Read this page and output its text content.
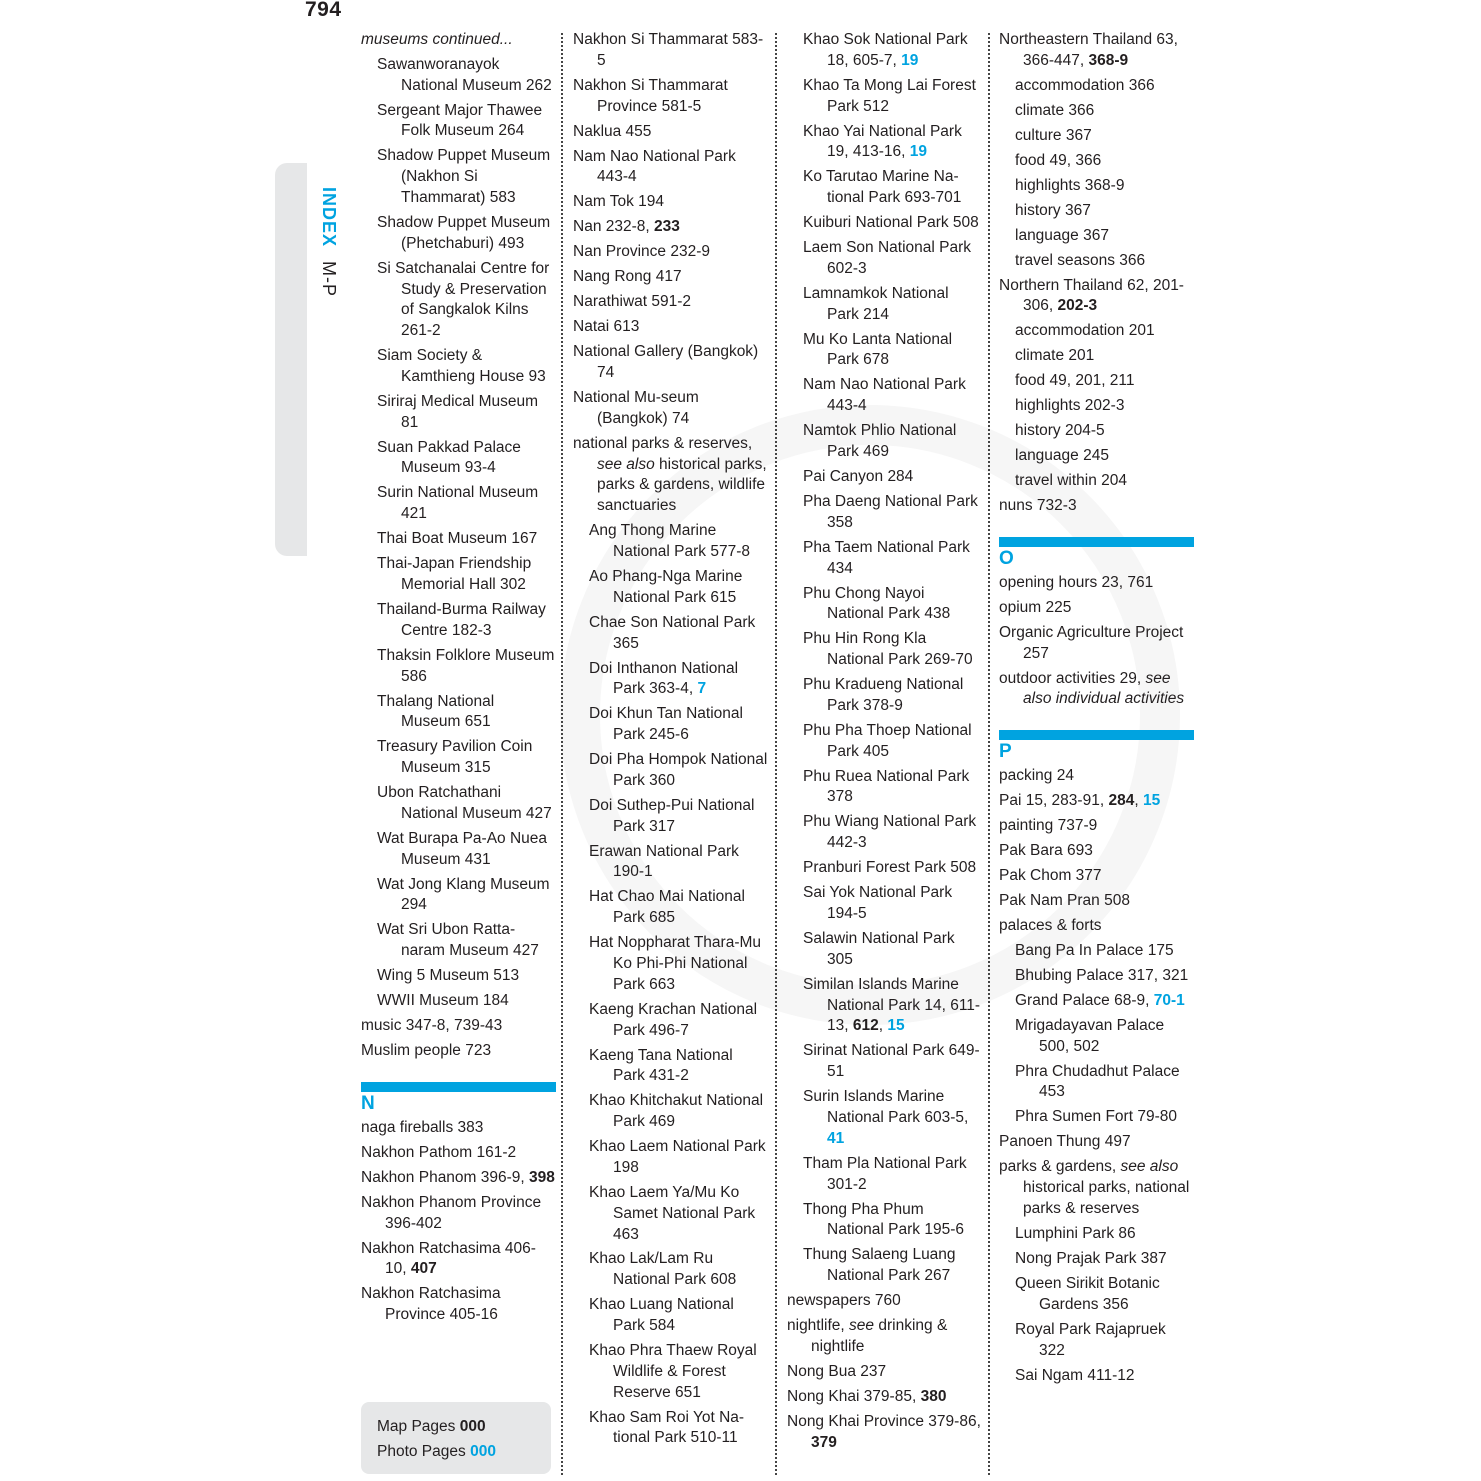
794
INDEX M-P
museums continued...
Sawanworanayok National Museum 262
Sergeant Major Thawee Folk Museum 264
Shadow Puppet Museum (Nakhon Si Thammarat) 583
Shadow Puppet Museum (Phetchaburi) 493
Si Satchanalai Centre for Study & Preservation of Sangkalok Kilns 261-2
Siam Society & Kamthieng House 93
Siriraj Medical Museum 81
Suan Pakkad Palace Museum 93-4
Surin National Museum 421
Thai Boat Museum 167
Thai-Japan Friendship Memorial Hall 302
Thailand-Burma Railway Centre 182-3
Thaksin Folklore Museum 586
Thalang National Museum 651
Treasury Pavilion Coin Museum 315
Ubon Ratchathani National Museum 427
Wat Burapa Pa-Ao Nuea Museum 431
Wat Jong Klang Museum 294
Wat Sri Ubon Ratta-naram Museum 427
Wing 5 Museum 513
WWII Museum 184
music 347-8, 739-43
Muslim people 723
N
naga fireballs 383
Nakhon Pathom 161-2
Nakhon Phanom 396-9, 398
Nakhon Phanom Province 396-402
Nakhon Ratchasima 406-10, 407
Nakhon Ratchasima Province 405-16
Nakhon Si Thammarat 583-5
Nakhon Si Thammarat Province 581-5
Naklua 455
Nam Nao National Park 443-4
Nam Tok 194
Nan 232-8, 233
Nan Province 232-9
Nang Rong 417
Narathiwat 591-2
Natai 613
National Gallery (Bangkok) 74
National Mu-seum (Bangkok) 74
national parks & reserves, see also historical parks, parks & gardens, wildlife sanctuaries
Ang Thong Marine National Park 577-8
Ao Phang-Nga Marine National Park 615
Chae Son National Park 365
Doi Inthanon National Park 363-4, 7
Doi Khun Tan National Park 245-6
Doi Pha Hompok National Park 360
Doi Suthep-Pui National Park 317
Erawan National Park 190-1
Hat Chao Mai National Park 685
Hat Noppharat Thara-Mu Ko Phi-Phi National Park 663
Kaeng Krachan National Park 496-7
Kaeng Tana National Park 431-2
Khao Khitchakut National Park 469
Khao Laem National Park 198
Khao Laem Ya/Mu Ko Samet National Park 463
Khao Lak/Lam Ru National Park 608
Khao Luang National Park 584
Khao Phra Thaew Royal Wildlife & Forest Reserve 651
Khao Sam Roi Yot Na-tional Park 510-11
Khao Sok National Park 18, 605-7, 19
Khao Ta Mong Lai Forest Park 512
Khao Yai National Park 19, 413-16, 19
Ko Tarutao Marine Na-tional Park 693-701
Kuiburi National Park 508
Laem Son National Park 602-3
Lamnamkok National Park 214
Mu Ko Lanta National Park 678
Nam Nao National Park 443-4
Namtok Phlio National Park 469
Pai Canyon 284
Pha Daeng National Park 358
Pha Taem National Park 434
Phu Chong Nayoi National Park 438
Phu Hin Rong Kla National Park 269-70
Phu Kradueng National Park 378-9
Phu Pha Thoep National Park 405
Phu Ruea National Park 378
Phu Wiang National Park 442-3
Pranburi Forest Park 508
Sai Yok National Park 194-5
Salawin National Park 305
Similan Islands Marine National Park 14, 611-13, 612, 15
Sirinat National Park 649-51
Surin Islands Marine National Park 603-5, 41
Tham Pla National Park 301-2
Thong Pha Phum National Park 195-6
Thung Salaeng Luang National Park 267
newspapers 760
nightlife, see drinking & nightlife
Nong Bua 237
Nong Khai 379-85, 380
Nong Khai Province 379-86, 379
Northeastern Thailand 63, 366-447, 368-9
accommodation 366
climate 366
culture 367
food 49, 366
highlights 368-9
history 367
language 367
travel seasons 366
Northern Thailand 62, 201-306, 202-3
accommodation 201
climate 201
food 49, 201, 211
highlights 202-3
history 204-5
language 245
travel within 204
nuns 732-3
O
opening hours 23, 761
opium 225
Organic Agriculture Project 257
outdoor activities 29, see also individual activities
P
packing 24
Pai 15, 283-91, 284, 15
painting 737-9
Pak Bara 693
Pak Chom 377
Pak Nam Pran 508
palaces & forts
Bang Pa In Palace 175
Bhubing Palace 317, 321
Grand Palace 68-9, 70-1
Mrigadayavan Palace 500, 502
Phra Chudadhut Palace 453
Phra Sumen Fort 79-80
Panoen Thung 497
parks & gardens, see also historical parks, national parks & reserves
Lumphini Park 86
Nong Prajak Park 387
Queen Sirikit Botanic Gardens 356
Royal Park Rajapruek 322
Sai Ngam 411-12
Map Pages 000
Photo Pages 000
